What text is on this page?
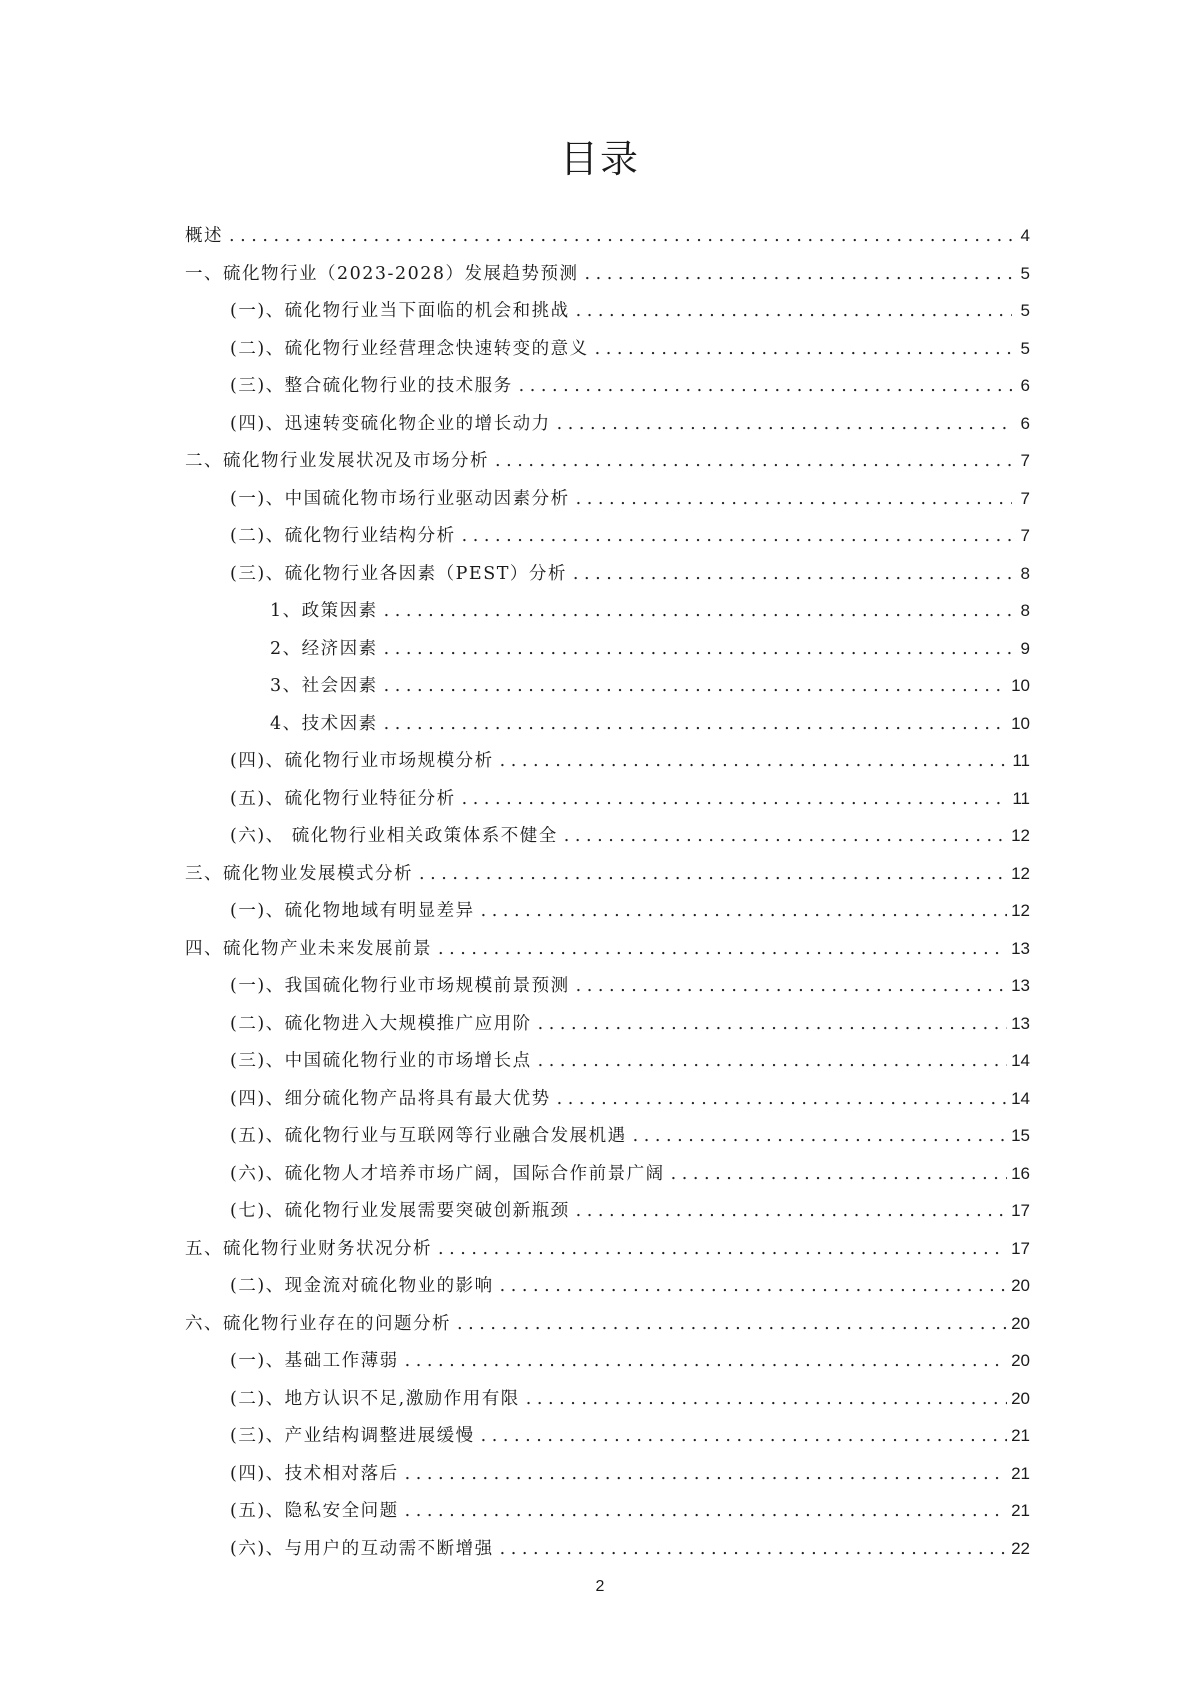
目录
概述 . . .	4
一、硫化物行业（2023-2028）发展趋势预测 . . .	5
(一)、硫化物行业当下面临的机会和挑战 . . .	5
(二)、硫化物行业经营理念快速转变的意义 . . .	5
(三)、整合硫化物行业的技术服务 . . .	6
(四)、迅速转变硫化物企业的增长动力 . . .	6
二、硫化物行业发展状况及市场分析 . . .	7
(一)、中国硫化物市场行业驱动因素分析 . . .	7
(二)、硫化物行业结构分析 . . .	7
(三)、硫化物行业各因素（PEST）分析 . . .	8
1、政策因素 . . .	8
2、经济因素 . . .	9
3、社会因素 . . .	10
4、技术因素 . . .	10
(四)、硫化物行业市场规模分析 . . .	11
(五)、硫化物行业特征分析 . . .	11
(六)、 硫化物行业相关政策体系不健全 . . .	12
三、硫化物业发展模式分析 . . .	12
(一)、硫化物地域有明显差异 . . .	12
四、硫化物产业未来发展前景 . . .	13
(一)、我国硫化物行业市场规模前景预测 . . .	13
(二)、硫化物进入大规模推广应用阶 . . .	13
(三)、中国硫化物行业的市场增长点 . . .	14
(四)、细分硫化物产品将具有最大优势 . . .	14
(五)、硫化物行业与互联网等行业融合发展机遇 . . .	15
(六)、硫化物人才培养市场广阔，国际合作前景广阔 . . .	16
(七)、硫化物行业发展需要突破创新瓶颈 . . .	17
五、硫化物行业财务状况分析 . . .	17
(二)、现金流对硫化物业的影响 . . .	20
六、硫化物行业存在的问题分析 . . .	20
(一)、基础工作薄弱 . . .	20
(二)、地方认识不足,激励作用有限 . . .	20
(三)、产业结构调整进展缓慢 . . .	21
(四)、技术相对落后 . . .	21
(五)、隐私安全问题 . . .	21
(六)、与用户的互动需不断增强 . . .	22
2
